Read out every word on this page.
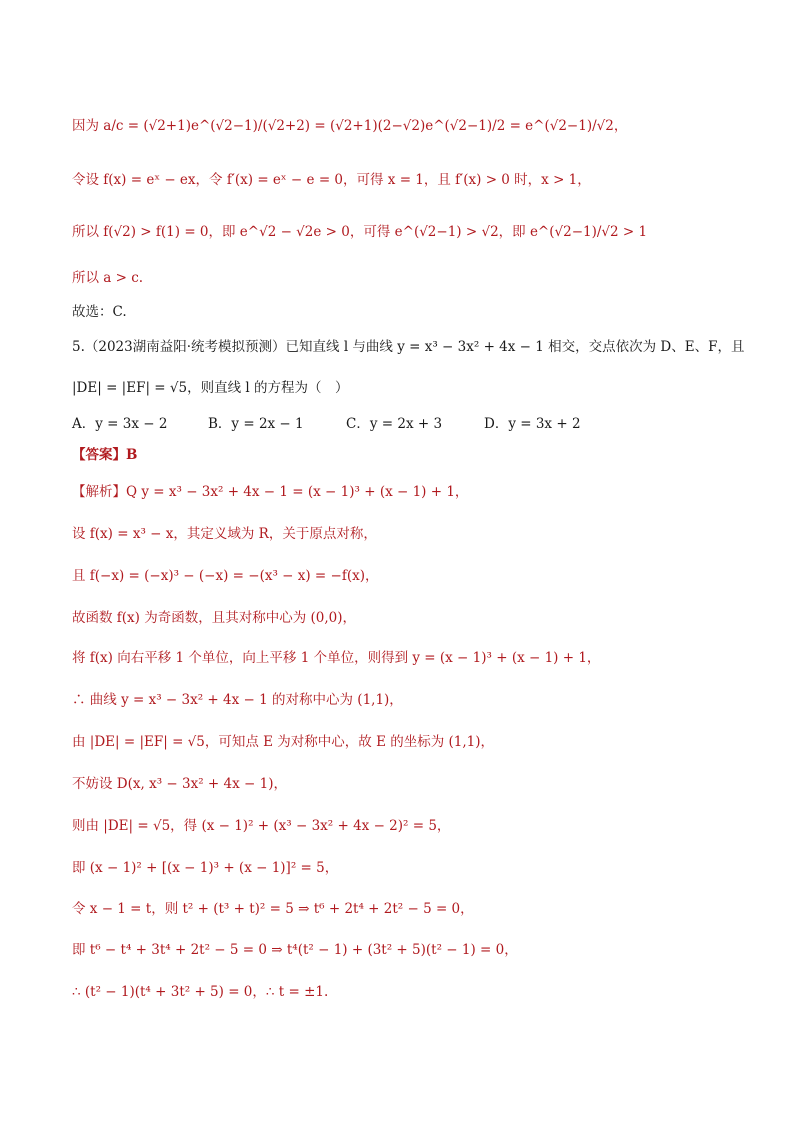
因为 a/c = (√2+1)e^(√2−1)/(√2+2) = (√2+1)(2−√2)e^(√2−1)/2 = e^(√2−1)/√2，
令设 f(x) = eˣ − ex，令 f′(x) = eˣ − e = 0，可得 x = 1，且 f′(x) > 0 时，x > 1，
所以 f(√2) > f(1) = 0，即 e^√2 − √2e > 0，可得 e^(√2−1) > √2，即 e^(√2−1)/√2 > 1
所以 a > c.
故选：C.
5.（2023湖南益阳·统考模拟预测）已知直线 l 与曲线 y = x³ − 3x² + 4x − 1 相交，交点依次为 D、E、F，且
|DE| = |EF| = √5，则直线 l 的方程为（　）
A．y = 3x − 2	B．y = 2x − 1	C．y = 2x + 3	D．y = 3x + 2
【答案】B
【解析】Q y = x³ − 3x² + 4x − 1 = (x − 1)³ + (x − 1) + 1，
设 f(x) = x³ − x，其定义域为 R，关于原点对称，
且 f(−x) = (−x)³ − (−x) = −(x³ − x) = −f(x)，
故函数 f(x) 为奇函数，且其对称中心为 (0,0)，
将 f(x) 向右平移 1 个单位，向上平移 1 个单位，则得到 y = (x − 1)³ + (x − 1) + 1，
∴ 曲线 y = x³ − 3x² + 4x − 1 的对称中心为 (1,1)，
由 |DE| = |EF| = √5，可知点 E 为对称中心，故 E 的坐标为 (1,1)，
不妨设 D(x, x³ − 3x² + 4x − 1)，
则由 |DE| = √5，得 (x − 1)² + (x³ − 3x² + 4x − 2)² = 5，
即 (x − 1)² + [(x − 1)³ + (x − 1)]² = 5，
令 x − 1 = t，则 t² + (t³ + t)² = 5 ⇒ t⁶ + 2t⁴ + 2t² − 5 = 0，
即 t⁶ − t⁴ + 3t⁴ + 2t² − 5 = 0 ⇒ t⁴(t² − 1) + (3t² + 5)(t² − 1) = 0，
∴ (t² − 1)(t⁴ + 3t² + 5) = 0，∴ t = ±1.
